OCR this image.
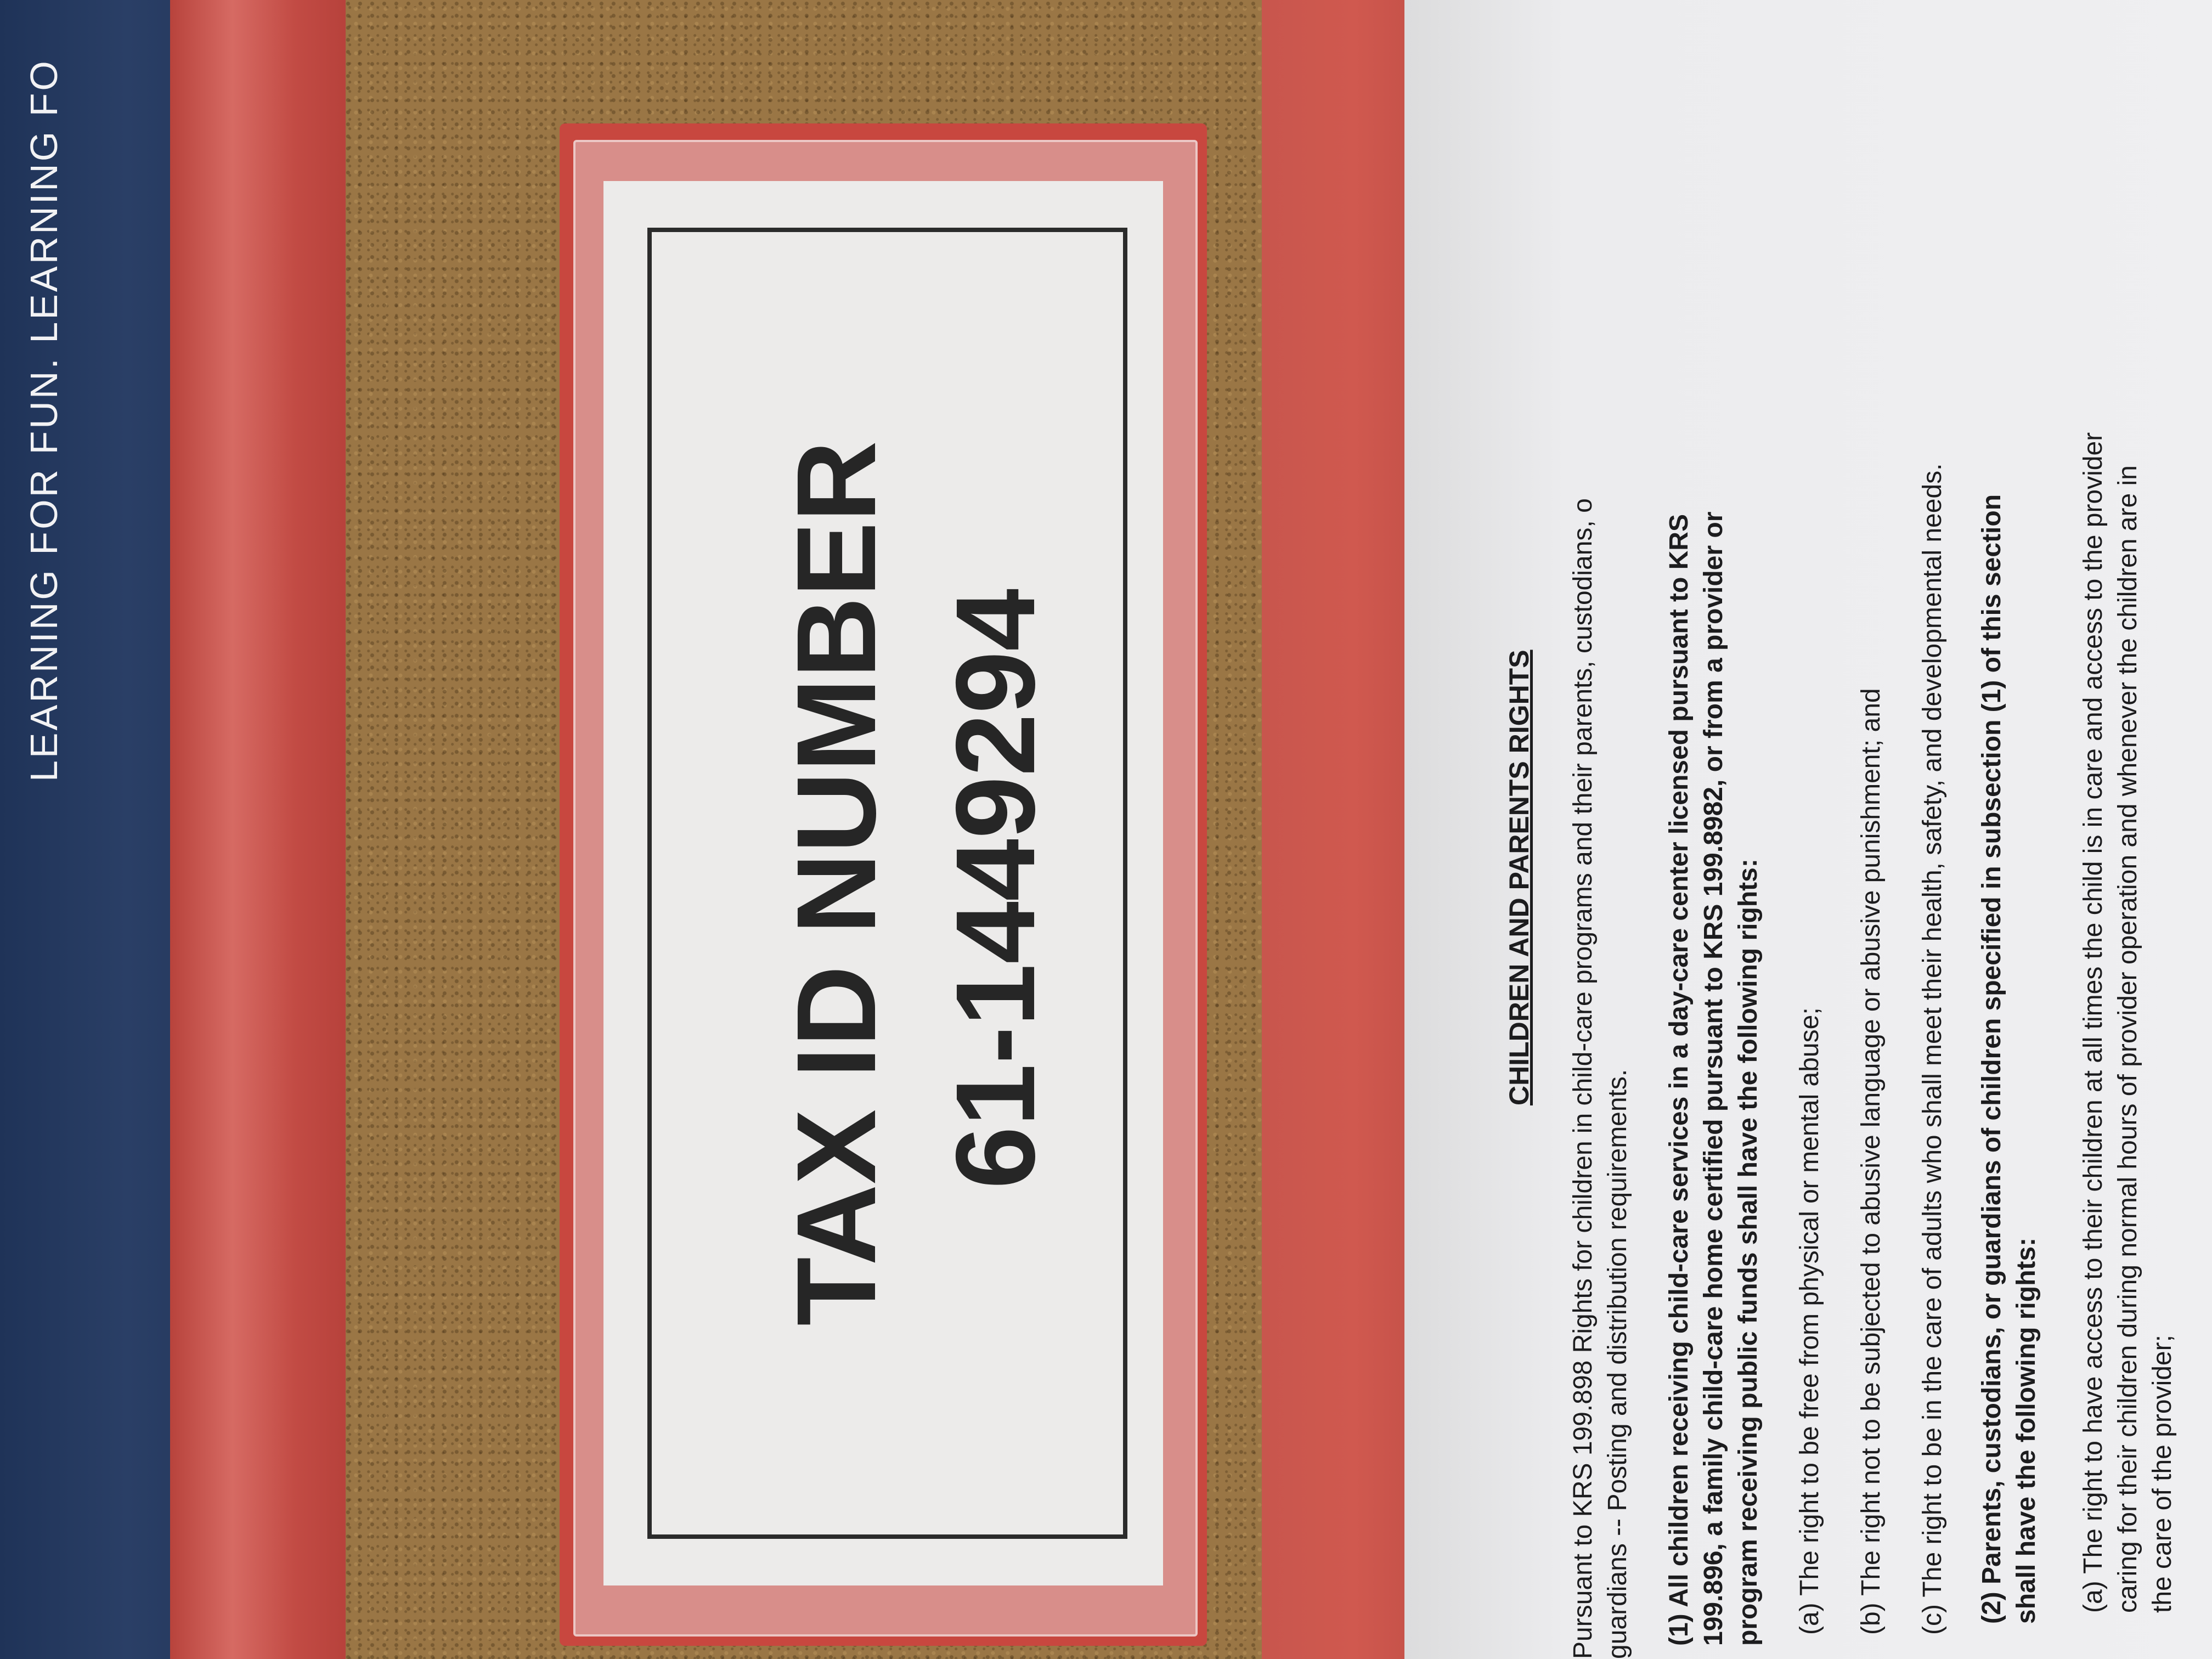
LEARNING FOR FUN. LEARNING FO
TAX ID NUMBER 61-1449294	CHILDREN AND PARENTS RIGHTS Pursuant to KRS 199.898 Rights for children in child-care programs and their parents, custodians, o guardians -- Posting and distribution requirements. (1) All children receiving child-care services in a day-care center licensed pursuant to KRS 199.896, a family child-care home certified pursuant to KRS 199.8982, or from a provider or program receiving public funds shall have the following rights: (a) The right to be free from physical or mental abuse; (b) The right not to be subjected to abusive language or abusive punishment; and (c) The right to be in the care of adults who shall meet their health, safety, and developmental needs. (2) Parents, custodians, or guardians of children specified in subsection (1) of this section shall have the following rights: (a) The right to have access to their children at all times the child is in care and access to the provider caring for their children during normal hours of provider operation and whenever the children are in the care of the provider;
